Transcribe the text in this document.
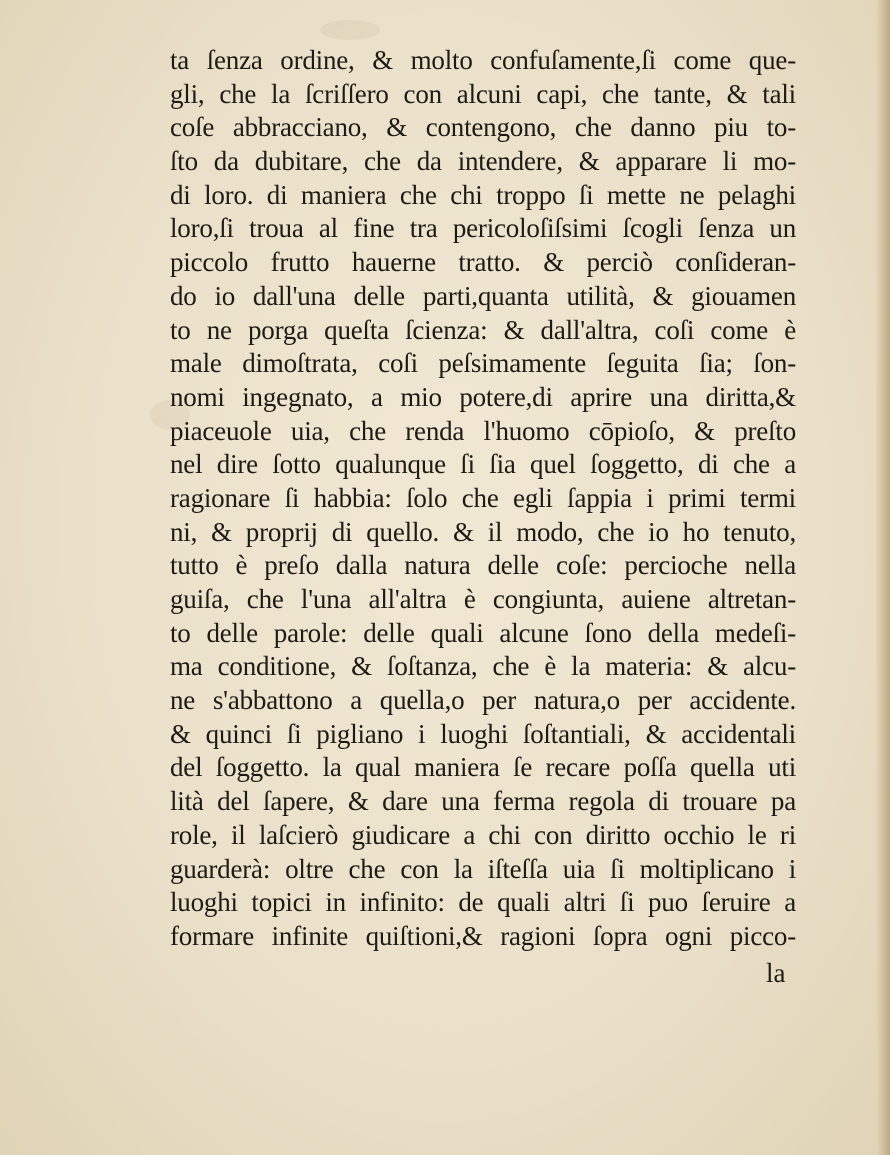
ta ſenza ordine, & molto confuſamente,ſi come que-
gli, che la ſcriſſero con alcuni capi, che tante, & tali
coſe abbracciano, & contengono, che danno piu to-
ſto da dubitare, che da intendere, & apparare li mo-
di loro. di maniera che chi troppo ſi mette ne pelaghi
loro,ſi troua al fine tra pericoloſiſsimi ſcogli ſenza un
piccolo frutto hauerne tratto. & perciò conſideran-
do io dall'una delle parti,quanta utilità, & giouamen
to ne porga queſta ſcienza: & dall'altra, coſi come è
male dimoſtrata, coſi peſsimamente ſeguita ſia; ſon-
nomi ingegnato, a mio potere,di aprire una diritta,&
piaceuole uia, che renda l'huomo cōpioſo, & preſto
nel dire ſotto qualunque ſi ſia quel ſoggetto, di che a
ragionare ſi habbia: ſolo che egli ſappia i primi termi
ni, & proprij di quello. & il modo, che io ho tenuto,
tutto è preſo dalla natura delle coſe: percioche nella
guiſa, che l'una all'altra è congiunta, auiene altretan-
to delle parole: delle quali alcune ſono della medeſi-
ma conditione, & ſoſtanza, che è la materia: & alcu-
ne s'abbattono a quella,o per natura,o per accidente.
& quinci ſi pigliano i luoghi ſoſtantiali, & accidentali
del ſoggetto. la qual maniera ſe recare poſſa quella uti
lità del ſapere, & dare una ferma regola di trouare pa
role, il laſcierò giudicare a chi con diritto occhio le ri
guarderà: oltre che con la iſteſſa uia ſi moltiplicano i
luoghi topici in infinito: de quali altri ſi puo ſeruire a
formare infinite quiſtioni,& ragioni ſopra ogni picco-
la
